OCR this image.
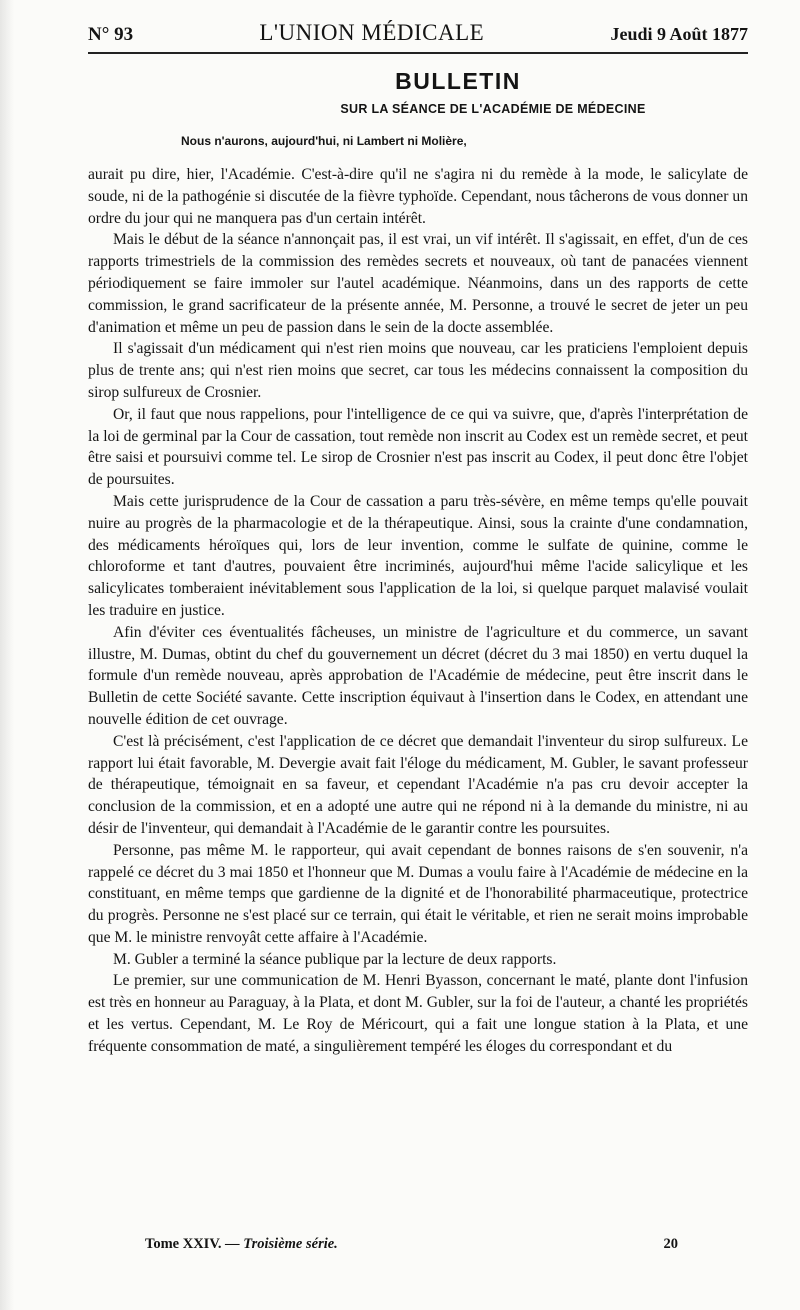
N° 93	L'UNION MÉDICALE	Jeudi 9 Août 1877
BULLETIN
SUR LA SÉANCE DE L'ACADÉMIE DE MÉDECINE
Nous n'aurons, aujourd'hui, ni Lambert ni Molière,

aurait pu dire, hier, l'Académie. C'est-à-dire qu'il ne s'agira ni du remède à la mode, le salicylate de soude, ni de la pathogénie si discutée de la fièvre typhoïde. Cependant, nous tâcherons de vous donner un ordre du jour qui ne manquera pas d'un certain intérêt.

Mais le début de la séance n'annonçait pas, il est vrai, un vif intérêt. Il s'agissait, en effet, d'un de ces rapports trimestriels de la commission des remèdes secrets et nouveaux, où tant de panacées viennent périodiquement se faire immoler sur l'autel académique. Néanmoins, dans un des rapports de cette commission, le grand sacrificateur de la présente année, M. Personne, a trouvé le secret de jeter un peu d'animation et même un peu de passion dans le sein de la docte assemblée.

Il s'agissait d'un médicament qui n'est rien moins que nouveau, car les praticiens l'emploient depuis plus de trente ans; qui n'est rien moins que secret, car tous les médecins connaissent la composition du sirop sulfureux de Crosnier.

Or, il faut que nous rappelions, pour l'intelligence de ce qui va suivre, que, d'après l'interprétation de la loi de germinal par la Cour de cassation, tout remède non inscrit au Codex est un remède secret, et peut être saisi et poursuivi comme tel. Le sirop de Crosnier n'est pas inscrit au Codex, il peut donc être l'objet de poursuites.

Mais cette jurisprudence de la Cour de cassation a paru très-sévère, en même temps qu'elle pouvait nuire au progrès de la pharmacologie et de la thérapeutique. Ainsi, sous la crainte d'une condamnation, des médicaments héroïques qui, lors de leur invention, comme le sulfate de quinine, comme le chloroforme et tant d'autres, pouvaient être incriminés, aujourd'hui même l'acide salicylique et les salicylicates tomberaient inévitablement sous l'application de la loi, si quelque parquet malavisé voulait les traduire en justice.

Afin d'éviter ces éventualités fâcheuses, un ministre de l'agriculture et du commerce, un savant illustre, M. Dumas, obtint du chef du gouvernement un décret (décret du 3 mai 1850) en vertu duquel la formule d'un remède nouveau, après approbation de l'Académie de médecine, peut être inscrit dans le Bulletin de cette Société savante. Cette inscription équivaut à l'insertion dans le Codex, en attendant une nouvelle édition de cet ouvrage.

C'est là précisément, c'est l'application de ce décret que demandait l'inventeur du sirop sulfureux. Le rapport lui était favorable, M. Devergie avait fait l'éloge du médicament, M. Gubler, le savant professeur de thérapeutique, témoignait en sa faveur, et cependant l'Académie n'a pas cru devoir accepter la conclusion de la commission, et en a adopté une autre qui ne répond ni à la demande du ministre, ni au désir de l'inventeur, qui demandait à l'Académie de le garantir contre les poursuites.

Personne, pas même M. le rapporteur, qui avait cependant de bonnes raisons de s'en souvenir, n'a rappelé ce décret du 3 mai 1850 et l'honneur que M. Dumas a voulu faire à l'Académie de médecine en la constituant, en même temps que gardienne de la dignité et de l'honorabilité pharmaceutique, protectrice du progrès. Personne ne s'est placé sur ce terrain, qui était le véritable, et rien ne serait moins improbable que M. le ministre renvoyât cette affaire à l'Académie.

M. Gubler a terminé la séance publique par la lecture de deux rapports.

Le premier, sur une communication de M. Henri Byasson, concernant le maté, plante dont l'infusion est très en honneur au Paraguay, à la Plata, et dont M. Gubler, sur la foi de l'auteur, a chanté les propriétés et les vertus. Cependant, M. Le Roy de Méricourt, qui a fait une longue station à la Plata, et une fréquente consommation de maté, a singulièrement tempéré les éloges du correspondant et du

Tome XXIV. — Troisième série.	20
